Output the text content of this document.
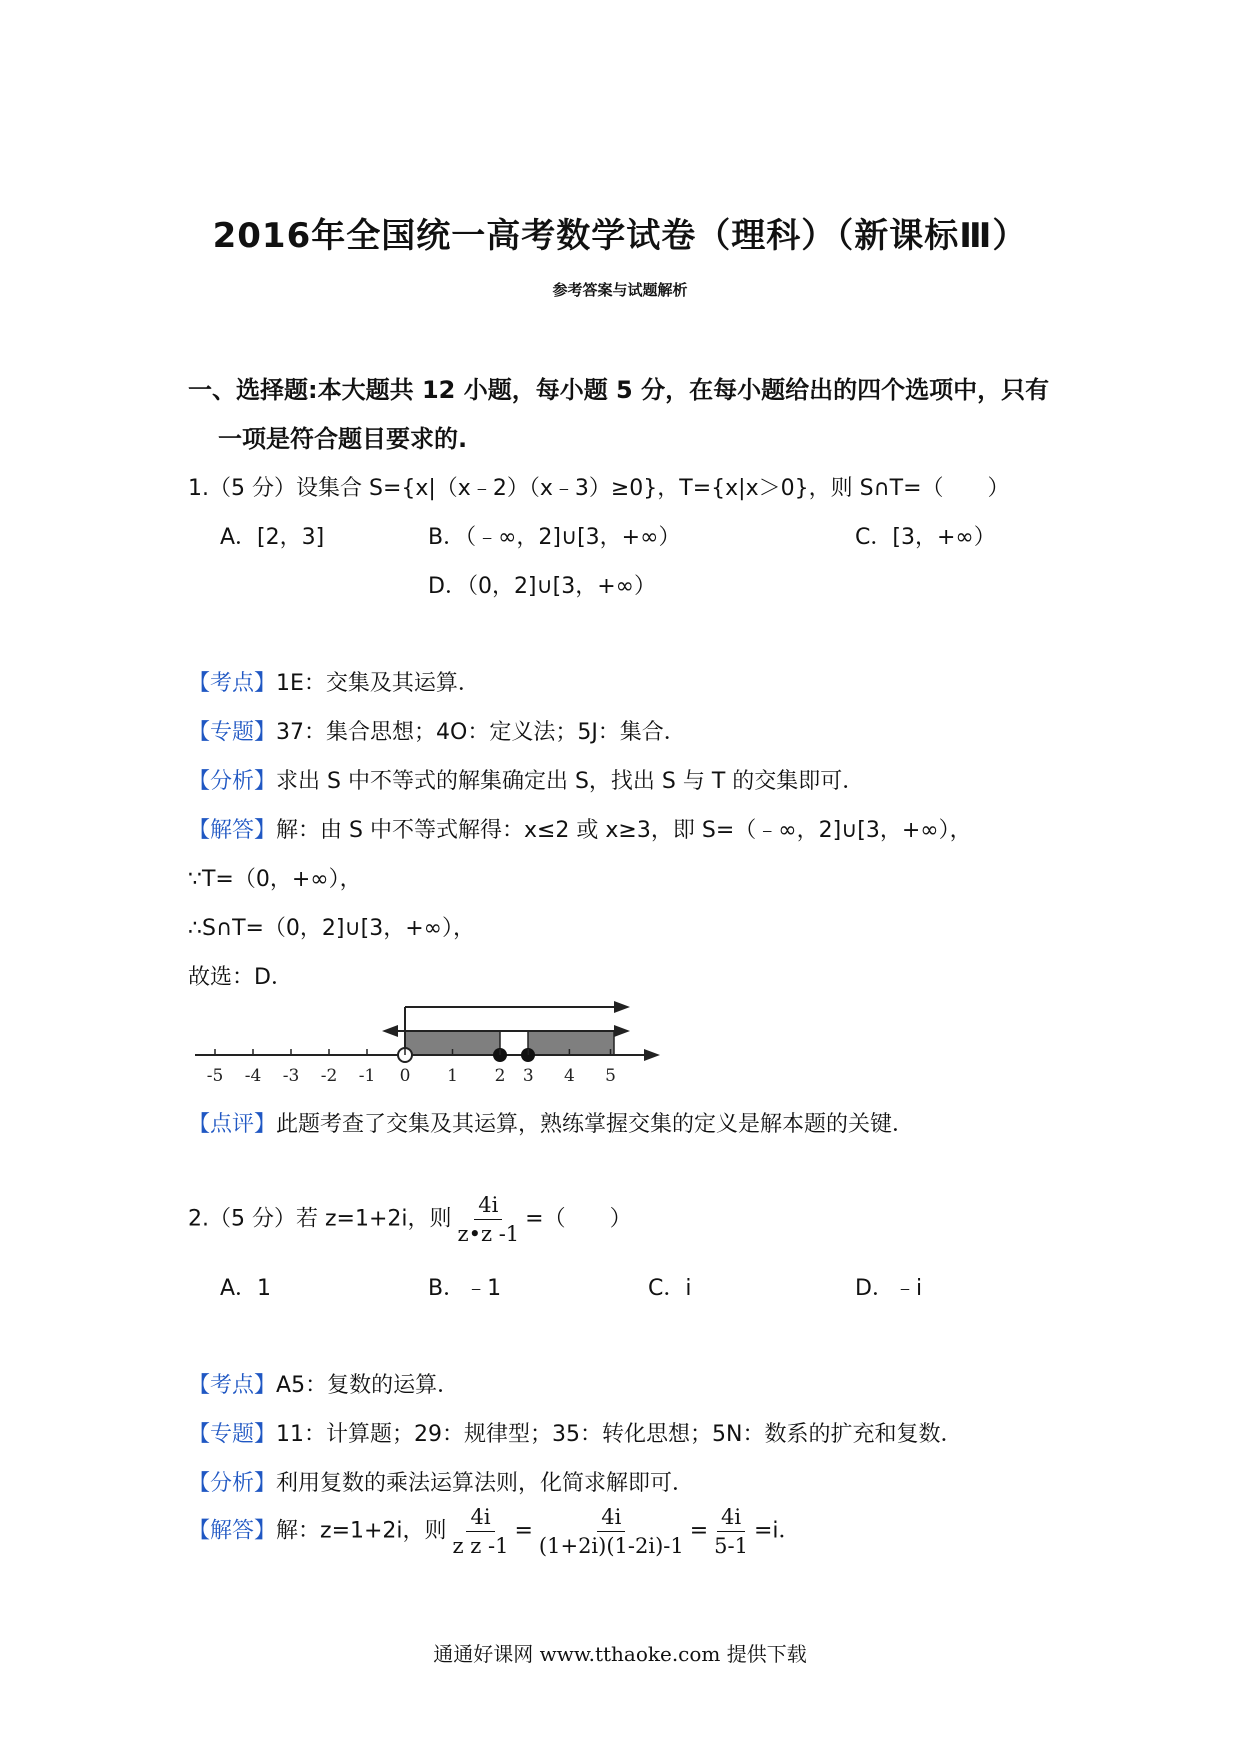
2016年全国统一高考数学试卷（理科）（新课标Ⅲ）
参考答案与试题解析
一、选择题:本大题共 12 小题，每小题 5 分，在每小题给出的四个选项中，只有
一项是符合题目要求的.
1.（5 分）设集合 S={x|（x﹣2）（x﹣3）≥0}，T={x|x＞0}，则 S∩T=（　　）
A．[2，3]	B．（﹣∞，2]∪[3，+∞）	C．[3，+∞）
D．（0，2]∪[3，+∞）
【考点】1E：交集及其运算．
【专题】37：集合思想；4O：定义法；5J：集合．
【分析】求出 S 中不等式的解集确定出 S，找出 S 与 T 的交集即可．
【解答】解：由 S 中不等式解得：x≤2 或 x≥3，即 S=（﹣∞，2]∪[3，+∞），
∵T=（0，+∞），
∴S∩T=（0，2]∪[3，+∞），
故选：D．
-5 -4 -3 -2 -1 0 1 2 3 4 5
【点评】此题考查了交集及其运算，熟练掌握交集的定义是解本题的关键．
2.（5 分）若 z=1+2i，则 $\frac{4i}{z•z -1}$ =（　　）
A．1	B．﹣1	C．i	D．﹣i
【考点】A5：复数的运算．
【专题】11：计算题；29：规律型；35：转化思想；5N：数系的扩充和复数．
【分析】利用复数的乘法运算法则，化简求解即可．
【解答】解：z=1+2i，则 $\frac{4i}{\text{z z -1}} = \frac{4i}{(1+2i)(1-2i)-1} = \frac{4i}{5-1} =i$．
通通好课网 www.tthaoke.com 提供下载
